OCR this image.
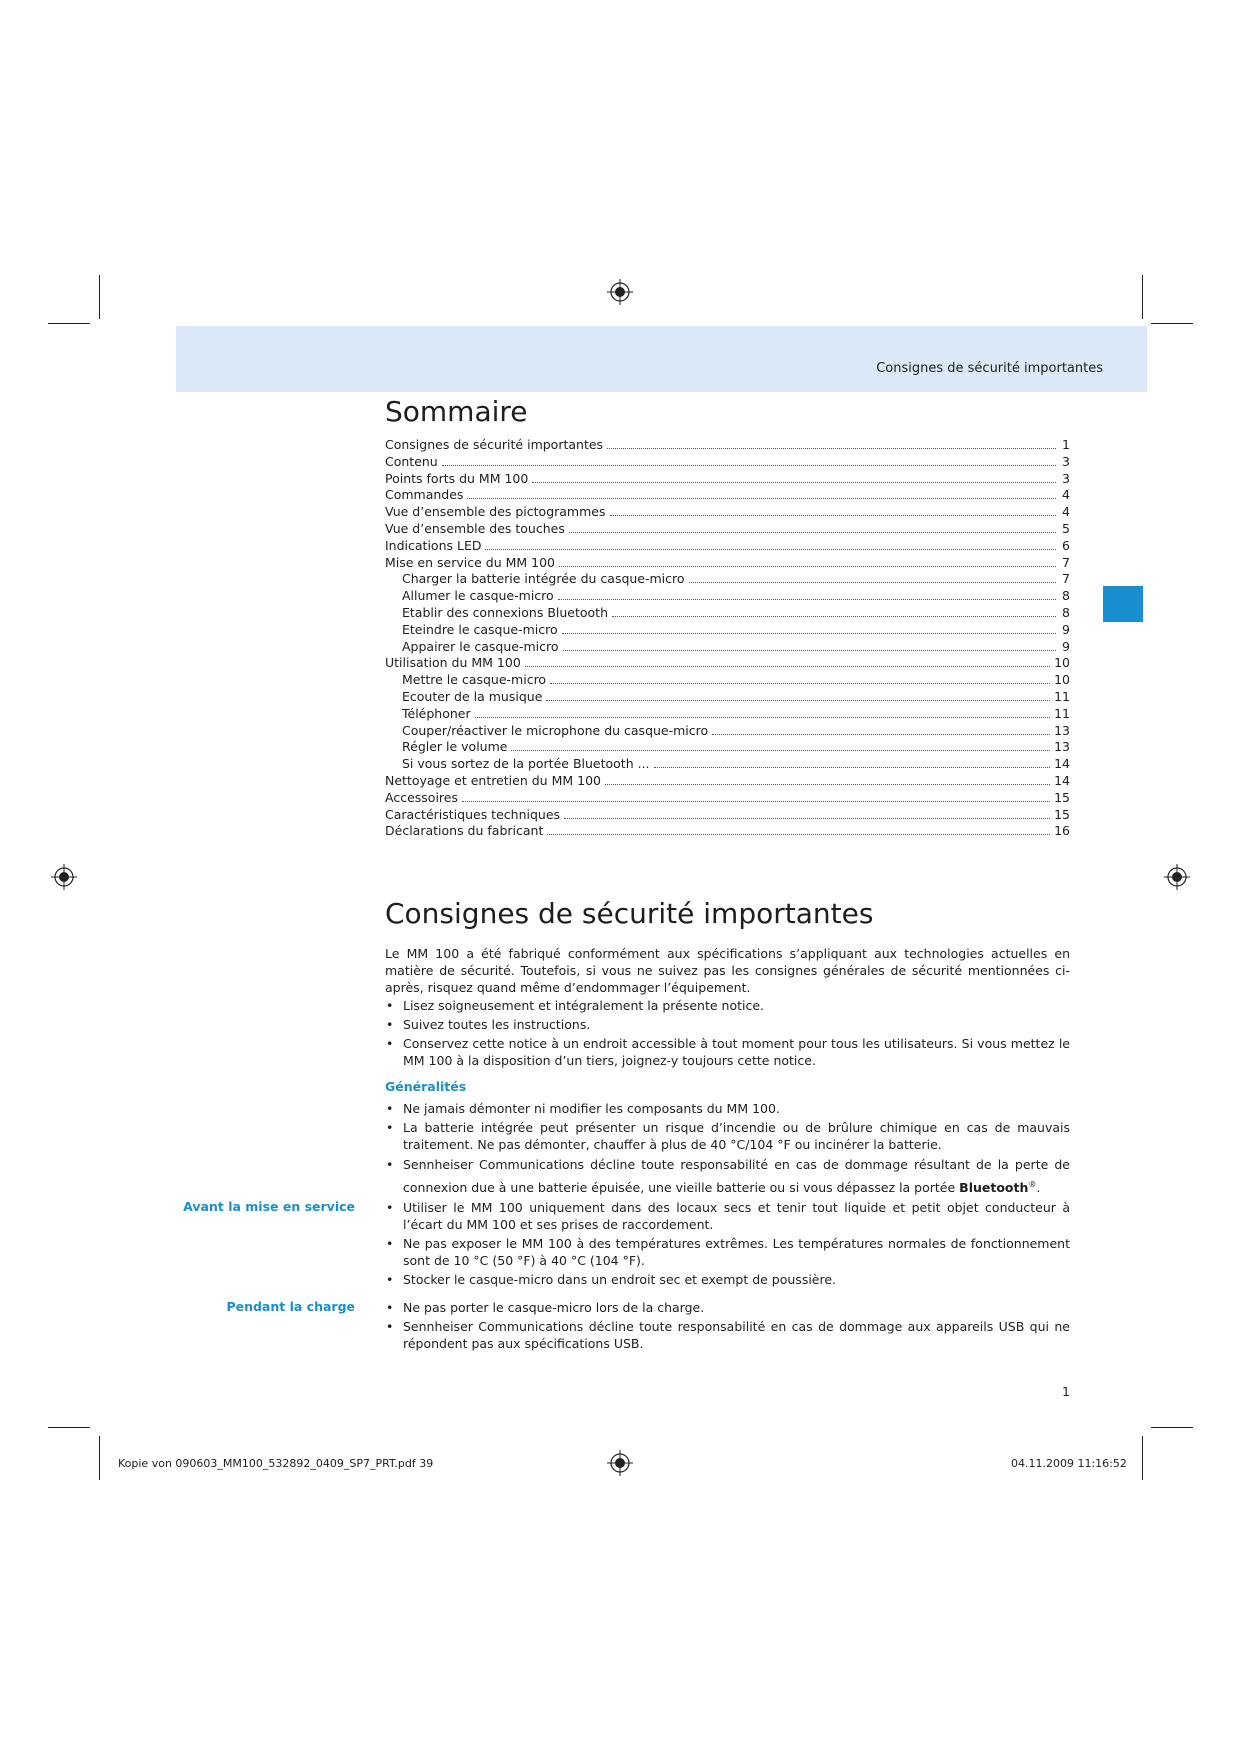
Consignes de sécurité importantes
Sommaire
Consignes de sécurité importantes	1
Contenu	3
Points forts du MM 100	3
Commandes	4
Vue d’ensemble des pictogrammes	4
Vue d’ensemble des touches	5
Indications LED	6
Mise en service du MM 100	7
Charger la batterie intégrée du casque-micro	7
Allumer le casque-micro	8
Etablir des connexions Bluetooth	8
Eteindre le casque-micro	9
Appairer le casque-micro	9
Utilisation du MM 100	10
Mettre le casque-micro	10
Ecouter de la musique	11
Téléphoner	11
Couper/réactiver le microphone du casque-micro	13
Régler le volume	13
Si vous sortez de la portée Bluetooth ...	14
Nettoyage et entretien du MM 100	14
Accessoires	15
Caractéristiques techniques	15
Déclarations du fabricant	16
Consignes de sécurité importantes
Le MM 100 a été fabriqué conformément aux spécifications s’appliquant aux technologies actuelles en matière de sécurité. Toutefois, si vous ne suivez pas les consignes générales de sécurité mentionnées ci-après, risquez quand même d’endommager l’équipement.
• Lisez soigneusement et intégralement la présente notice.
• Suivez toutes les instructions.
• Conservez cette notice à un endroit accessible à tout moment pour tous les utilisateurs. Si vous mettez le MM 100 à la disposition d’un tiers, joignez-y toujours cette notice.
Généralités
• Ne jamais démonter ni modifier les composants du MM 100.
• La batterie intégrée peut présenter un risque d’incendie ou de brûlure chimique en cas de mauvais traitement. Ne pas démonter, chauffer à plus de 40 °C/104 °F ou incinérer la batterie.
• Sennheiser Communications décline toute responsabilité en cas de dommage résultant de la perte de connexion due à une batterie épuisée, une vieille batterie ou si vous dépassez la portée Bluetooth®.
Avant la mise en service	• Utiliser le MM 100 uniquement dans des locaux secs et tenir tout liquide et petit objet conducteur à l’écart du MM 100 et ses prises de raccordement.
• Ne pas exposer le MM 100 à des températures extrêmes. Les températures normales de fonctionnement sont de 10 °C (50 °F) à 40 °C (104 °F).
• Stocker le casque-micro dans un endroit sec et exempt de poussière.
Pendant la charge	• Ne pas porter le casque-micro lors de la charge.
• Sennheiser Communications décline toute responsabilité en cas de dommage aux appareils USB qui ne répondent pas aux spécifications USB.
1
Kopie von 090603_MM100_532892_0409_SP7_PRT.pdf 39	04.11.2009 11:16:52
